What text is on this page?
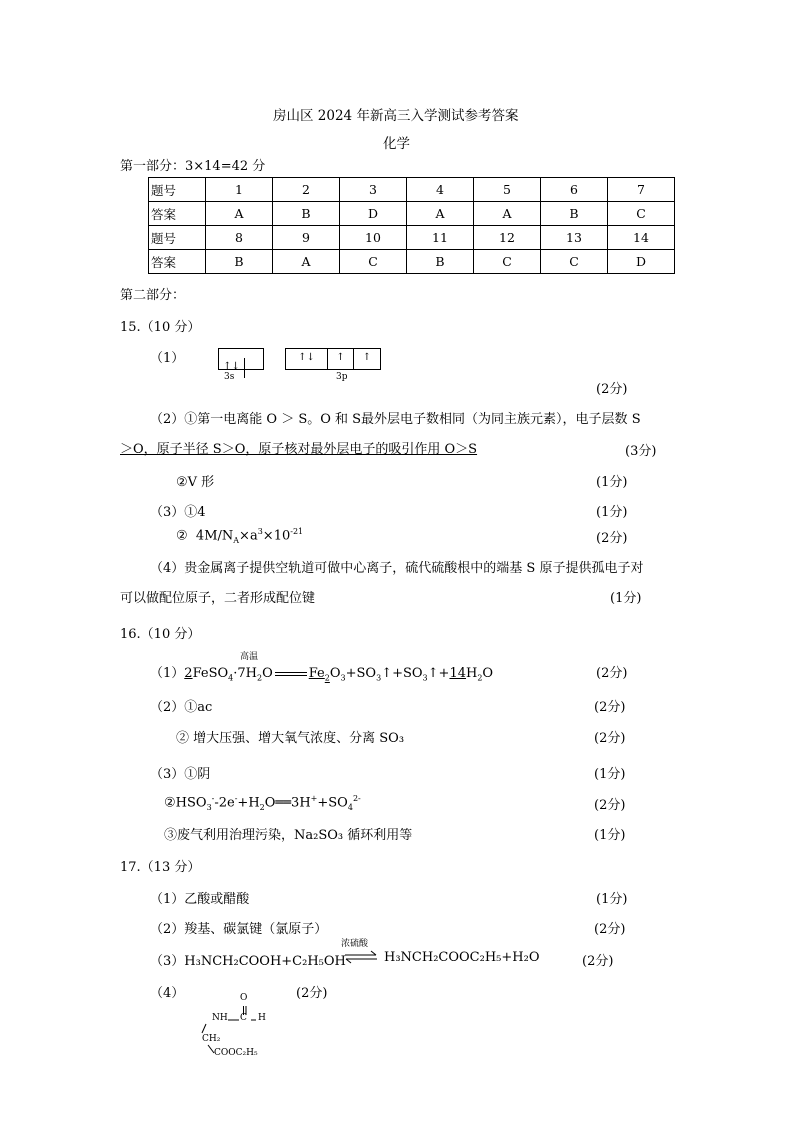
房山区 2024 年新高三入学测试参考答案
化学
第一部分：3×14=42 分
题号	1	2	3	4	5	6	7
答案	A	B	D	A	A	B	C
题号	8	9	10	11	12	13	14
答案	B	A	C	B	C	C	D
第二部分：
15.（10 分）
（1）
↑↓
↑↓ ↑ ↑
3s	3p
(2分)
（2）①第一电离能 O ＞ S。O 和 S最外层电子数相同（为同主族元素），电子层数 S
＞O，原子半径 S＞O，原子核对最外层电子的吸引作用 O＞S	(3分)
②V 形	(1分)
（3）①4	(1分)
②  $4M/N_A\times a^3\times 10^{-21}$	(2分)
（4）贵金属离子提供空轨道可做中心离子，硫代硫酸根中的端基 S 原子提供孤电子对
可以做配位原子，二者形成配位键	(1分)
16.（10 分）
高温
$(1)2FeSO_4\cdot 7H_2O$	$Fe_2O_3+SO_3↑+SO_3↑+14H_2O$	(2分)
（2）①ac	(2分)
② 增大压强、增大氧气浓度、分离 SO₃	(2分)
（3）①阴	(1分)
$②HSO_3^--2e^-+H_2O══3H^++SO_4^{2-}$	(2分)
③废气利用治理污染，Na₂SO₃ 循环利用等	(1分)
17.（13 分）
（1）乙酸或醋酸	(1分)
（2）羧基、碳氯键（氯原子）	(2分)
浓硫酸
（3）H₃NCH₂COOH+C₂H₅OH ⇌ H₃NCH₂COOC₂H₅+H₂O	(2分)
（4）	(2分)
O
NH C H
CH₂
COOC₂H₅
